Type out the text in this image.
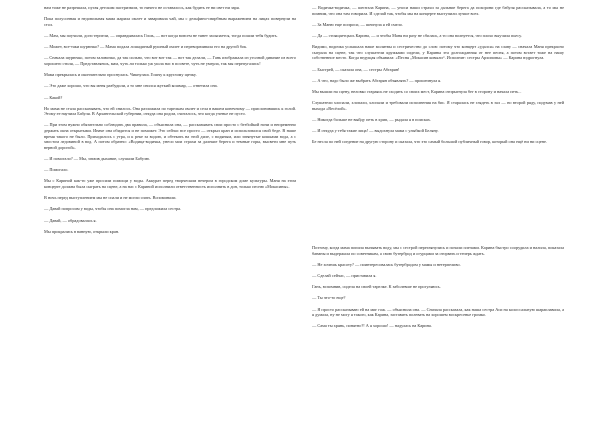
нам тоже не разрешала, пугая детским пастризмом, то ничего не оставалось, как будить ее ни свет ни заря.

Пока полусонная и недовольная мама жарила омлет и заваривала чай, мы с дельфино-свирбным выражением на лицах повернули на стол.

— Мам, мы поучили, доги терпели, — оправдывалась Гошь, — вот когда вовсем не тянет засыпается, тогда пошли тебя будить.

— Может, все-таки шурючко? — Мама подала лошадиный рушный омлет и переворачивала его на другой бок.

— Сначала шурючко, потом заливочко, да так сильно, что вот вот так — вот так делали, — Гань изображала из уголной дивачие из всего хорошего стиля, — Представляешь, мам, чуть ли только уж ушла нас в посвете, чуть не умерла, так мы перепугались!

Мама прекрылась и окончательно проснулась. Чикнулась Гошчу к круглому щечку.

— Это даже хорошо, что вы меня разбудили, а то мне снился жуткий кошмар, — ответила она.

— Какой?

Но мама не стала рассказывать, что ей снилось. Она разложила по тарелкам омлет и села в вашем конечному — прислонившись к голой. Этому ее научила Бабуля. В Архангельской губернии, откуда она родом, считалось, что когда ученье не пусто.

— При этом нужно обязательно соблюдать два правила, — объяснила она, — рассказывать свои просто с безбойкой ночи и непременно держать окна открытыми. Иначе она обидится и не поможет. Это сейчас все просто — открыл кран и использовался свой беде. В наше время такого не было. Приходилось с утра, и к реке за водою, и обтекать на этой диле, с водяным, или затянутые кошками вода, а с хвостом ледовиной в вод. А потом обратно: «Водица-водичка, унеси мои страхи за далекие берега и темные горы, высвети мне путь верной дорогой».

— И помогало? — Мы, затаив дыхание, слушали Бабулю.

— Помогало.

Мы с Кариной как-то уже просили помощи у воды. Аккурат перед творческим вечером в городском доме культуры. Маня на этом концерте должна была сыграть на сцене, а на нас с Кариной исполнили ответственность исполнить в дон, только песню «Мокасины».

В ночь перед выступлением мы не спали и не могли спать. Вспоминали.

— Давай попросим у воды, чтобы она помогла нам, — предложила сестра.

— Давай, — обрадовалась я.

Мы прокрались в ванную, открыли кран.

— Водичка-водичка, — шептала Карина, — уноси наши страхи за дальние берега да похорони где бабуля рассказывала, а то мы не помним, что она там говорила. И сделай так, чтобы мы на концерте выступили лучше всех.

— За Маню еще попроси, — шепнула я ей смело.

— Да — стоящаетцысь Карина, — и чтобы Маня ни разу не сбилась, а то она волнуется, что плохо выучила пьесу.

Видимо, водичка услышала наше молитвы и сестричество до слов: потому что концерт «удался» на славу — сначала Маня прекрасно сыграла на сцене, так что слушатели кружками сидели, у Карины эта долгожданная от нее песня, а потом встает тоже на нашу собственное место. Когда ведущая объявила: «Песня „Мокасин ковыли“. Исполнит: сестры Архиповы» — Карина вздрогнула.

— Быстрей, — сказала она, — сестры Абгарян!

— А что, надо было же выбрать Абгарян объявлять? — прошепнула я.

Мы вышли на сцену, неловко стараясь не сходить со своих мест, Карина отпрыгнула бег в сторону и начала петь...

Слушатели хлопали, хлопали, хлопали и требовали исполнения на бис. Я старалась не глядеть в зал — но второй ряду, подумав у ней выхода «Весёлой».

— Никогда больше не выйду петь в хрип, — рыдала я в поисках.

— И откуда у тебя такие лица! — выдохнула мама с улыбкой Беляну.

Бе несла по ней соедение на другую сторону и сказала, что это самый большой публичный говор, который она ещё ни ни сцене.

Поэтому, когда мама попила вызывать воду, мы с сестрой переглянулись и почали плечами. Карина быстро соорудила и налила, показала бананы и выдержала по советникам, а свою бутерброд и огурцами за оторвать и теперь ждать.

— Не хочешь красоту? — поинтересовалась бутербродом у мамы и нетерпеливо.

— Сделай сейчас, — приставила я.

Гань, вспомнив, сидела на своей тарелке. К заболевше не прогуляюсь.

— Ты что-то еще?

— Я просто рассказываю ей на миг гож. — объяснила она. — Сначала рассказала, как наша сестра Аси на колоссальную шараплавила, а я думала, ну не могу я такого, как Карина, заставить полевать на хорошем воскресенье громко.

— Сама ты хрянь, понятно?! А я хорошо! — надулась на Карина.
